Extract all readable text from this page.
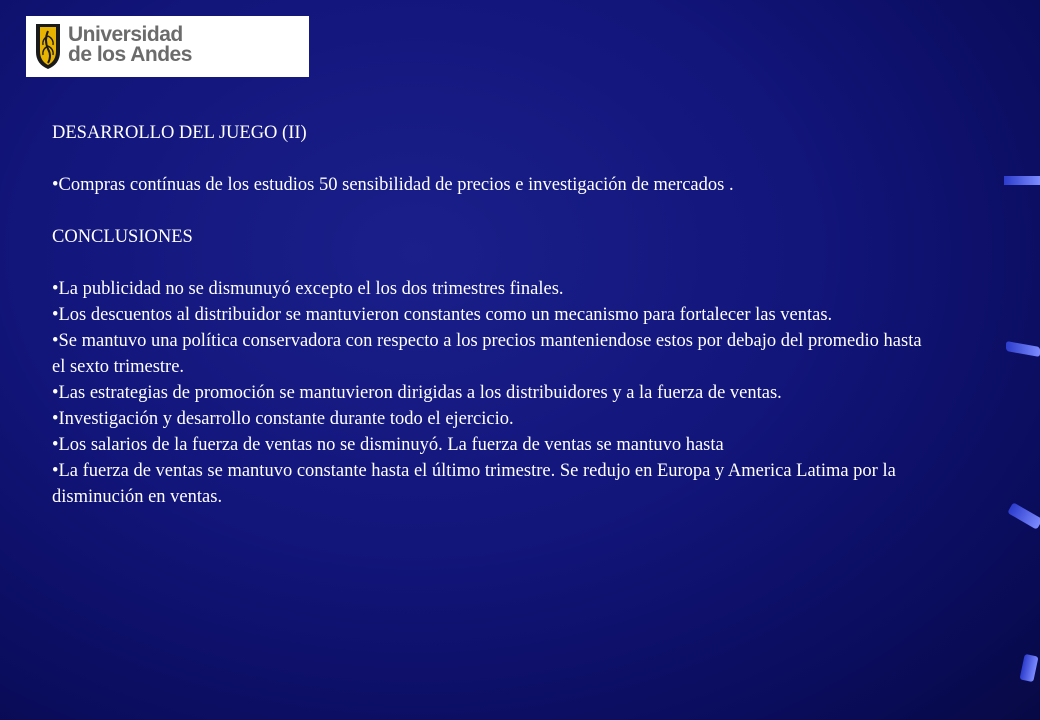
Universidad
de los Andes

DESARROLLO DEL JUEGO (II)

•Compras contínuas de los estudios 50 sensibilidad de precios e investigación de mercados .

CONCLUSIONES

•La publicidad no se dismunuyó excepto el los dos trimestres finales.

•Los descuentos al distribuidor se mantuvieron constantes como un mecanismo para fortalecer las ventas.

•Se mantuvo una política conservadora con respecto a los precios manteniendose estos por debajo del promedio hasta el sexto trimestre.

•Las estrategias de promoción se mantuvieron dirigidas a los distribuidores y a la fuerza de ventas.

•Investigación y desarrollo constante durante todo el ejercicio.

•Los salarios de la fuerza de ventas no se disminuyó. La fuerza de ventas se mantuvo hasta

•La fuerza de ventas se mantuvo constante hasta el último trimestre. Se redujo en Europa y America Latima por la disminución en ventas.
